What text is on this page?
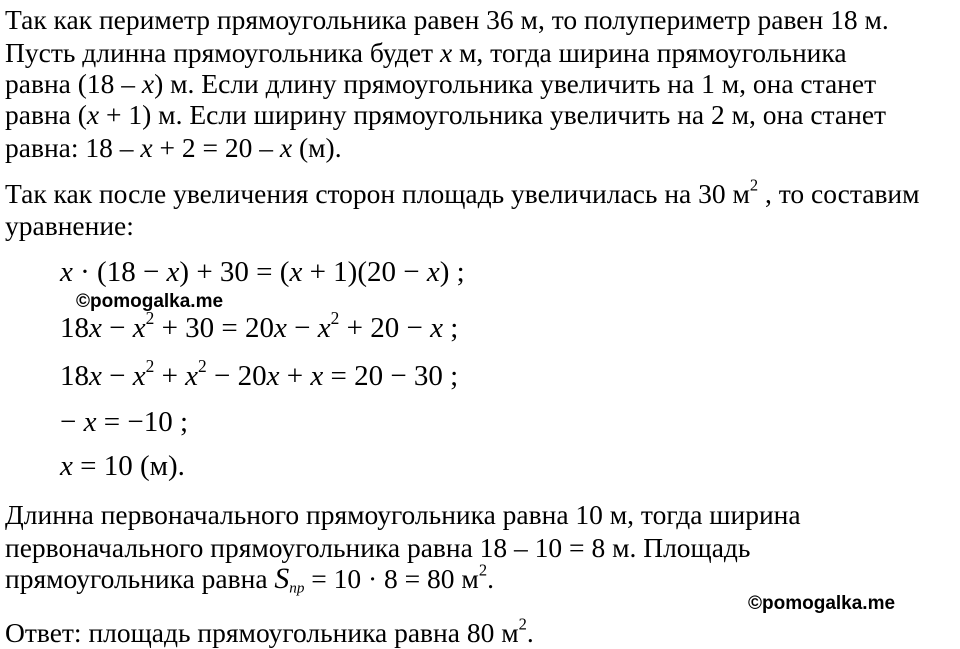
Так как периметр прямоугольника равен 36 м, то полупериметр равен 18 м.
Пусть длинна прямоугольника будет x м, тогда ширина прямоугольника
равна (18 – x) м. Если длину прямоугольника увеличить на 1 м, она станет
равна (x + 1) м. Если ширину прямоугольника увеличить на 2 м, она станет
равна: 18 – x + 2 = 20 – x (м).
Так как после увеличения сторон площадь увеличилась на 30 $м^2$ , то составим
уравнение:
x · (18 − x) + 30 = (x + 1)(20 − x) ;
©pomogalka.me
$18x - x^2 + 30 = 20x - x^2 + 20 - x$ ;
$18x - x^2 + x^2 - 20x + x = 20 - 30$ ;
− x = −10 ;
x = 10 (м).
Длинна первоначального прямоугольника равна 10 м, тогда ширина
первоначального прямоугольника равна 18 – 10 = 8 м. Площадь
прямоугольника равна $S_{пр} = 10 \cdot 8 = 80$ $м^2$.
©pomogalka.me
Ответ: площадь прямоугольника равна 80 $м^2$.
